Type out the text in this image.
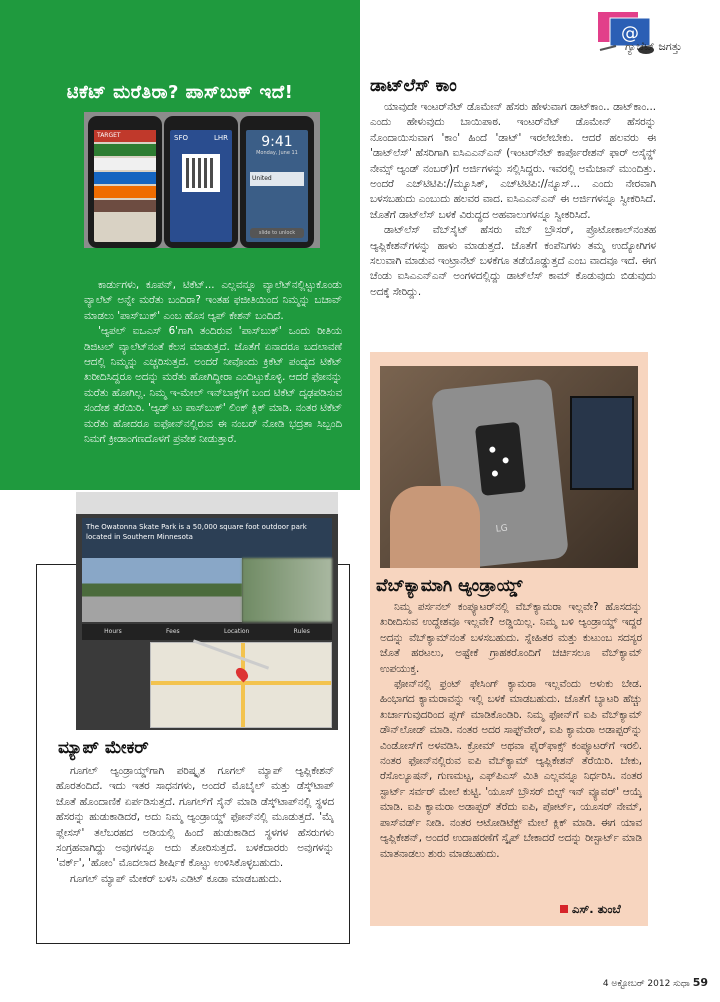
@
ಗ್ಯಾಜೆಟ್ ಜಗತ್ತು
ಟಿಕೆಟ್ ಮರೆತಿರಾ? ಪಾಸ್‌ಬುಕ್ ಇದೆ!
TARGET	SFO	LHR	9:41
Monday, June 11
United
slide to unlock

ಕಾರ್ಡುಗಳು, ಕೂಪನ್, ಟಿಕೆಟ್... ಎಲ್ಲವನ್ನೂ ವ್ಯಾಲೆಟ್‌ನಲ್ಲಿಟ್ಟುಕೊಂಡು ವ್ಯಾಲೆಟ್ ಅನ್ನೇ ಮರೆತು ಬಂದಿರಾ? ಇಂತಹ ಫಜೀತಿಯಿಂದ ನಿಮ್ಮನ್ನು ಬಚಾವ್ ಮಾಡಲು 'ಪಾಸ್‌ಬುಕ್' ಎಂಬ ಹೊಸ ಆ್ಯಪ್ ಕೇಶನ್ ಬಂದಿದೆ.

'ಆ್ಯಪಲ್ ಐಒಎಸ್ 6'ಗಾಗಿ ತಂದಿರುವ 'ಪಾಸ್‌ಬುಕ್' ಒಂದು ರೀತಿಯ ಡಿಜಿಟಲ್ ವ್ಯಾಲೆಟ್‌ನಂತೆ ಕೆಲಸ ಮಾಡುತ್ತದೆ. ಜೊತೆಗೆ ಏನಾದರೂ ಬದಲಾವಣೆ ಆದಲ್ಲಿ ನಿಮ್ಮನ್ನು ಎಚ್ಚರಿಸುತ್ತದೆ. ಅಂದರೆ ನೀವೊಂದು ಕ್ರಿಕೆಟ್ ಪಂದ್ಯದ ಟಿಕೆಟ್ ಖರೀದಿಸಿದ್ದರೂ ಅದನ್ನು ಮರೆತು ಹೋಗಿದ್ದೀರಾ ಎಂದಿಟ್ಟುಕೊಳ್ಳಿ. ಆದರೆ ಫೋನನ್ನು ಮರೆತು ಹೋಗಿಲ್ಲ. ನಿಮ್ಮ ಇ-ಮೇಲ್ ಇನ್‌ಬಾಕ್ಸ್‌ಗೆ ಬಂದ ಟಿಕೆಟ್ ದೃಢಪಡಿಸುವ ಸಂದೇಶ ತೆರೆಯಿರಿ. 'ಆ್ಯಡ್ ಟು ಪಾಸ್‌ಬುಕ್' ಲಿಂಕ್ ಕ್ಲಿಕ್ ಮಾಡಿ. ನಂತರ ಟಿಕೆಟ್ ಮರೆತು ಹೋದರೂ ಐಫೋನ್‌ನಲ್ಲಿರುವ ಈ ನಂಬರ್ ನೋಡಿ ಭದ್ರತಾ ಸಿಬ್ಬಂದಿ ನಿಮಗೆ ಕ್ರೀಡಾಂಗಣದೊಳಗೆ ಪ್ರವೇಶ ನೀಡುತ್ತಾರೆ.

ಡಾಟ್‌ಲೆಸ್ ಕಾಂ

ಯಾವುದೇ ಇಂಟರ್‌ನೆಟ್ ಡೊಮೇನ್ ಹೆಸರು ಹೇಳುವಾಗ ಡಾಟ್‌ಕಾಂ.. ಡಾಟ್‌ಕಾಂ... ಎಂದು ಹೇಳುವುದು ಬಾಯಿಪಾಠ. ಇಂಟರ್‌ನೆಟ್ ಡೊಮೇನ್ ಹೆಸರನ್ನು ನೊಂದಾಯಿಸುವಾಗ 'ಕಾಂ' ಹಿಂದೆ 'ಡಾಟ್' ಇರಲೇಬೇಕು. ಆದರೆ ಹಲವರು ಈ 'ಡಾಟ್‌ಲೆಸ್' ಹೆಸರಿಗಾಗಿ ಐಸಿಎಎನ್‌ಎನ್ (ಇಂಟರ್‌ನೆಟ್ ಕಾರ್ಪೊರೇಶನ್ ಫಾರ್ ಅಸೈನ್ಡ್ ನೇಮ್ಸ್ ಆ್ಯಂಡ್ ನಂಬರ್)ಗೆ ಅರ್ಜಿಗಳನ್ನು ಸಲ್ಲಿಸಿದ್ದರು. ಇವರಲ್ಲಿ ಅಮೆಜಾನ್ ಮುಂದಿತ್ತು. ಅಂದರೆ ಎಚ್‌ಟಿಟಿಪಿ://ಮ್ಯೂಸಿಕ್, ಎಚ್‌ಟಿಟಿಪಿ://ನ್ಯೂಸ್... ಎಂದು ನೇರವಾಗಿ ಬಳಸಬಹುದು ಎಂಬುದು ಹಲವರ ವಾದ. ಐಸಿಎಎನ್‌ಎನ್ ಈ ಅರ್ಜಿಗಳನ್ನೂ ಸ್ವೀಕರಿಸಿದೆ. ಜೊತೆಗೆ ಡಾಟ್‌ಲೆಸ್ ಬಳಕೆ ವಿರುದ್ಧದ ಅಹವಾಲುಗಳನ್ನೂ ಸ್ವೀಕರಿಸಿದೆ.

ಡಾಟ್‌ಲೆಸ್ ವೆಬ್‌ಸೈಟ್ ಹೆಸರು ವೆಬ್ ಬ್ರೌಸರ್, ಪ್ರೊಟೋಕಾಲ್‌ನಂತಹ ಆ್ಯಪ್ಲಿಕೇಶನ್‌ಗಳನ್ನು ಹಾಳು ಮಾಡುತ್ತದೆ. ಜೊತೆಗೆ ಕಂಪೆನಿಗಳು ತಮ್ಮ ಉದ್ಯೋಗಿಗಳ ಸಲುವಾಗಿ ಮಾಡುವ ಇಂಟ್ರಾನೆಟ್ ಬಳಕೆಗೂ ತಡೆಯೊಡ್ಡುತ್ತದೆ ಎಂಬ ವಾದವೂ ಇದೆ. ಈಗ ಚೆಂಡು ಐಸಿಎಎನ್‌ಎನ್ ಅಂಗಳದಲ್ಲಿದ್ದು ಡಾಟ್‌ಲೆಸ್ ಕಾಮ್ ಕೊಡುವುದು ಬಿಡುವುದು ಅದಕ್ಕೆ ಸೇರಿದ್ದು.

LG
ವೆಬ್‌ಕ್ಯಾಮಾಗಿ ಆ್ಯಂಡ್ರಾಯ್ಡ್

ನಿಮ್ಮ ಪರ್ಸನಲ್ ಕಂಪ್ಯೂಟರ್‌ನಲ್ಲಿ ವೆಬ್‌ಕ್ಯಾಮರಾ ಇಲ್ಲವೇ? ಹೊಸದನ್ನು ಖರೀದಿಸುವ ಉದ್ದೇಶವೂ ಇಲ್ಲವೇ? ಅಡ್ಡಿಯಿಲ್ಲ. ನಿಮ್ಮ ಬಳಿ ಆ್ಯಂಡ್ರಾಯ್ಡ್ ಇದ್ದರೆ ಅದನ್ನು ವೆಬ್‌ಕ್ಯಾಮ್‌ನಂತೆ ಬಳಸಬಹುದು. ಸ್ನೇಹಿತರ ಮತ್ತು ಕುಟುಂಬ ಸದಸ್ಯರ ಜೊತೆ ಹರಟಲು, ಅಷ್ಟೇಕೆ ಗ್ರಾಹಕರೊಂದಿಗೆ ಚರ್ಚಿಸಲೂ ವೆಬ್‌ಕ್ಯಾಮ್ ಉಪಯುಕ್ತ.

ಫೋನ್‌ನಲ್ಲಿ ಫ್ರಂಟ್ ಫೇಸಿಂಗ್ ಕ್ಯಾಮರಾ ಇಲ್ಲವೆಂದು ಅಳುಕು ಬೇಡ. ಹಿಂಭಾಗದ ಕ್ಯಾಮರಾವನ್ನು ಇಲ್ಲಿ ಬಳಕೆ ಮಾಡಬಹುದು. ಜೊತೆಗೆ ಬ್ಯಾಟರಿ ಹೆಚ್ಚು ಖರ್ಚಾಗುವುದರಿಂದ ಪ್ಲಗ್ ಮಾಡಿಕೊಂಡಿರಿ. ನಿಮ್ಮ ಫೋನ್‌ಗೆ ಐಪಿ ವೆಬ್‌ಕ್ಯಾಮ್ ಡೌನ್‌ಲೋಡ್ ಮಾಡಿ. ನಂತರ ಅದರ ಸಾಫ್ಟ್‌ವೇರ್, ಐಪಿ ಕ್ಯಾಮರಾ ಅಡಾಪ್ಟರ್‌ನ್ನು ವಿಂಡೋಸ್‌ಗೆ ಅಳವಡಿಸಿ. ಕ್ರೋಮ್ ಅಥವಾ ಫೈರ್‌ಫಾಕ್ಸ್ ಕಂಪ್ಯೂಟರ್‌ಗೆ ಇರಲಿ. ನಂತರ ಫೋನ್‌ನಲ್ಲಿರುವ ಐಪಿ ವೆಬ್‌ಕ್ಯಾಮ್ ಆ್ಯಪ್ಲಿಕೇಶನ್ ತೆರೆಯಿರಿ. ಬೇಕು, ರೆಸೊಲ್ಯೂಷನ್, ಗುಣಮಟ್ಟ, ಎಫ್‌ಪಿಎಸ್ ಮಿತಿ ಎಲ್ಲವನ್ನೂ ನಿರ್ಧರಿಸಿ. ನಂತರ ಸ್ಟಾರ್ಟ್ ಸರ್ವರ್ ಮೇಲೆ ಕುಟ್ಟಿ. 'ಯೂಸ್ ಬ್ರೌಸರ್ ಬಿಲ್ಟ್ ಇನ್ ವ್ಯೂವರ್' ಆಯ್ಕೆ ಮಾಡಿ. ಐಪಿ ಕ್ಯಾಮರಾ ಅಡಾಪ್ಟರ್ ತೆರೆದು ಐಪಿ, ಪೋರ್ಟ್, ಯೂಸರ್ ನೇಮ್, ಪಾಸ್‌ವರ್ಡ್ ನೀಡಿ. ನಂತರ ಆಟೋಡಿಟೆಕ್ಟ್ ಮೇಲೆ ಕ್ಲಿಕ್ ಮಾಡಿ. ಈಗ ಯಾವ ಆ್ಯಪ್ಲಿಕೇಶನ್, ಅಂದರೆ ಉದಾಹರಣೆಗೆ ಸ್ಕೈಪ್ ಬೇಕಾದರೆ ಅದನ್ನು ರೀಸ್ಟಾರ್ಟ್ ಮಾಡಿ ಮಾತನಾಡಲು ಶುರು ಮಾಡಬಹುದು.

ಎಸ್. ತುಂಬೆ
The Owatonna Skate Park is a 50,000 square foot outdoor park located in Southern Minnesota
Hours	Fees	Location	Rules
ಮ್ಯಾಪ್ ಮೇಕರ್

ಗೂಗಲ್ ಆ್ಯಂಡ್ರಾಯ್ಡ್‌ಗಾಗಿ ಪರಿಷ್ಕೃತ ಗೂಗಲ್ ಮ್ಯಾಪ್ ಆ್ಯಪ್ಲಿಕೇಶನ್ ಹೊರತಂದಿದೆ. ಇದು ಇತರ ಸಾಧನಗಳು, ಅಂದರೆ ಮೊಬೈಲ್ ಮತ್ತು ಡೆಸ್ಕ್‌ಟಾಪ್ ಜೊತೆ ಹೊಂದಾಣಿಕೆ ಏರ್ಪಡಿಸುತ್ತದೆ. ಗೂಗಲ್‌ಗೆ ಸೈನ್ ಮಾಡಿ ಡೆಸ್ಕ್‌ಟಾಪ್‌ನಲ್ಲಿ ಸ್ಥಳದ ಹೆಸರನ್ನು ಹುಡುಕಾಡಿದರೆ, ಅದು ನಿಮ್ಮ ಆ್ಯಂಡ್ರಾಯ್ಡ್ ಫೋನ್‌ನಲ್ಲಿ ಮೂಡುತ್ತದೆ. 'ಮೈ ಪ್ಲೇಸಸ್' ತಲೆಬರಹದ ಅಡಿಯಲ್ಲಿ ಹಿಂದೆ ಹುಡುಕಾಡಿದ ಸ್ಥಳಗಳ ಹೆಸರುಗಳು ಸಂಗ್ರಹವಾಗಿದ್ದು ಅವುಗಳನ್ನೂ ಅದು ತೋರಿಸುತ್ತದೆ. ಬಳಕೆದಾರರು ಅವುಗಳನ್ನು 'ವರ್ಕ್', 'ಹೋಂ' ಮೊದಲಾದ ಶೀರ್ಷಿಕೆ ಕೊಟ್ಟು ಉಳಿಸಿಕೊಳ್ಳಬಹುದು.

ಗೂಗಲ್ ಮ್ಯಾಪ್ ಮೇಕರ್ ಬಳಸಿ ಎಡಿಟ್ ಕೂಡಾ ಮಾಡಬಹುದು.

4 ಅಕ್ಟೋಬರ್ 2012 ಸುಧಾ 59
